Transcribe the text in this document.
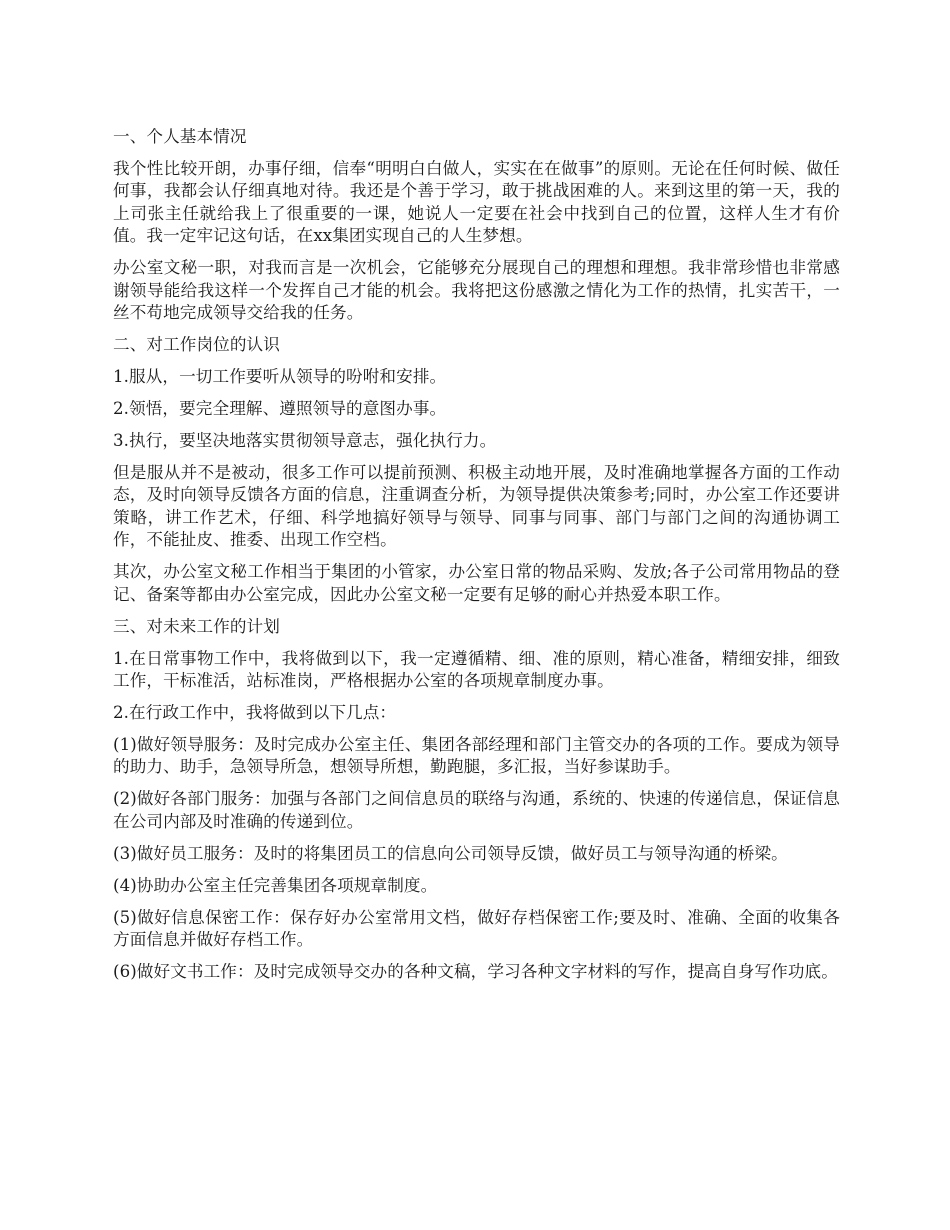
一、个人基本情况

我个性比较开朗，办事仔细，信奉“明明白白做人，实实在在做事”的原则。无论在任何时候、做任何事，我都会认仔细真地对待。我还是个善于学习，敢于挑战困难的人。来到这里的第一天，我的上司张主任就给我上了很重要的一课，她说人一定要在社会中找到自己的位置，这样人生才有价值。我一定牢记这句话，在xx集团实现自己的人生梦想。

办公室文秘一职，对我而言是一次机会，它能够充分展现自己的理想和理想。我非常珍惜也非常感谢领导能给我这样一个发挥自己才能的机会。我将把这份感激之情化为工作的热情，扎实苦干，一丝不苟地完成领导交给我的任务。

二、对工作岗位的认识

1.服从，一切工作要听从领导的吩咐和安排。

2.领悟，要完全理解、遵照领导的意图办事。

3.执行，要坚决地落实贯彻领导意志，强化执行力。

但是服从并不是被动，很多工作可以提前预测、积极主动地开展，及时准确地掌握各方面的工作动态，及时向领导反馈各方面的信息，注重调查分析，为领导提供决策参考;同时，办公室工作还要讲策略，讲工作艺术，仔细、科学地搞好领导与领导、同事与同事、部门与部门之间的沟通协调工作，不能扯皮、推委、出现工作空档。

其次，办公室文秘工作相当于集团的小管家，办公室日常的物品采购、发放;各子公司常用物品的登记、备案等都由办公室完成，因此办公室文秘一定要有足够的耐心并热爱本职工作。

三、对未来工作的计划

1.在日常事物工作中，我将做到以下，我一定遵循精、细、准的原则，精心准备，精细安排，细致工作，干标准活，站标准岗，严格根据办公室的各项规章制度办事。

2.在行政工作中，我将做到以下几点：

(1)做好领导服务：及时完成办公室主任、集团各部经理和部门主管交办的各项的工作。要成为领导的助力、助手，急领导所急，想领导所想，勤跑腿，多汇报，当好参谋助手。

(2)做好各部门服务：加强与各部门之间信息员的联络与沟通，系统的、快速的传递信息，保证信息在公司内部及时准确的传递到位。

(3)做好员工服务：及时的将集团员工的信息向公司领导反馈，做好员工与领导沟通的桥梁。

(4)协助办公室主任完善集团各项规章制度。

(5)做好信息保密工作：保存好办公室常用文档，做好存档保密工作;要及时、准确、全面的收集各方面信息并做好存档工作。

(6)做好文书工作：及时完成领导交办的各种文稿，学习各种文字材料的写作，提高自身写作功底。
